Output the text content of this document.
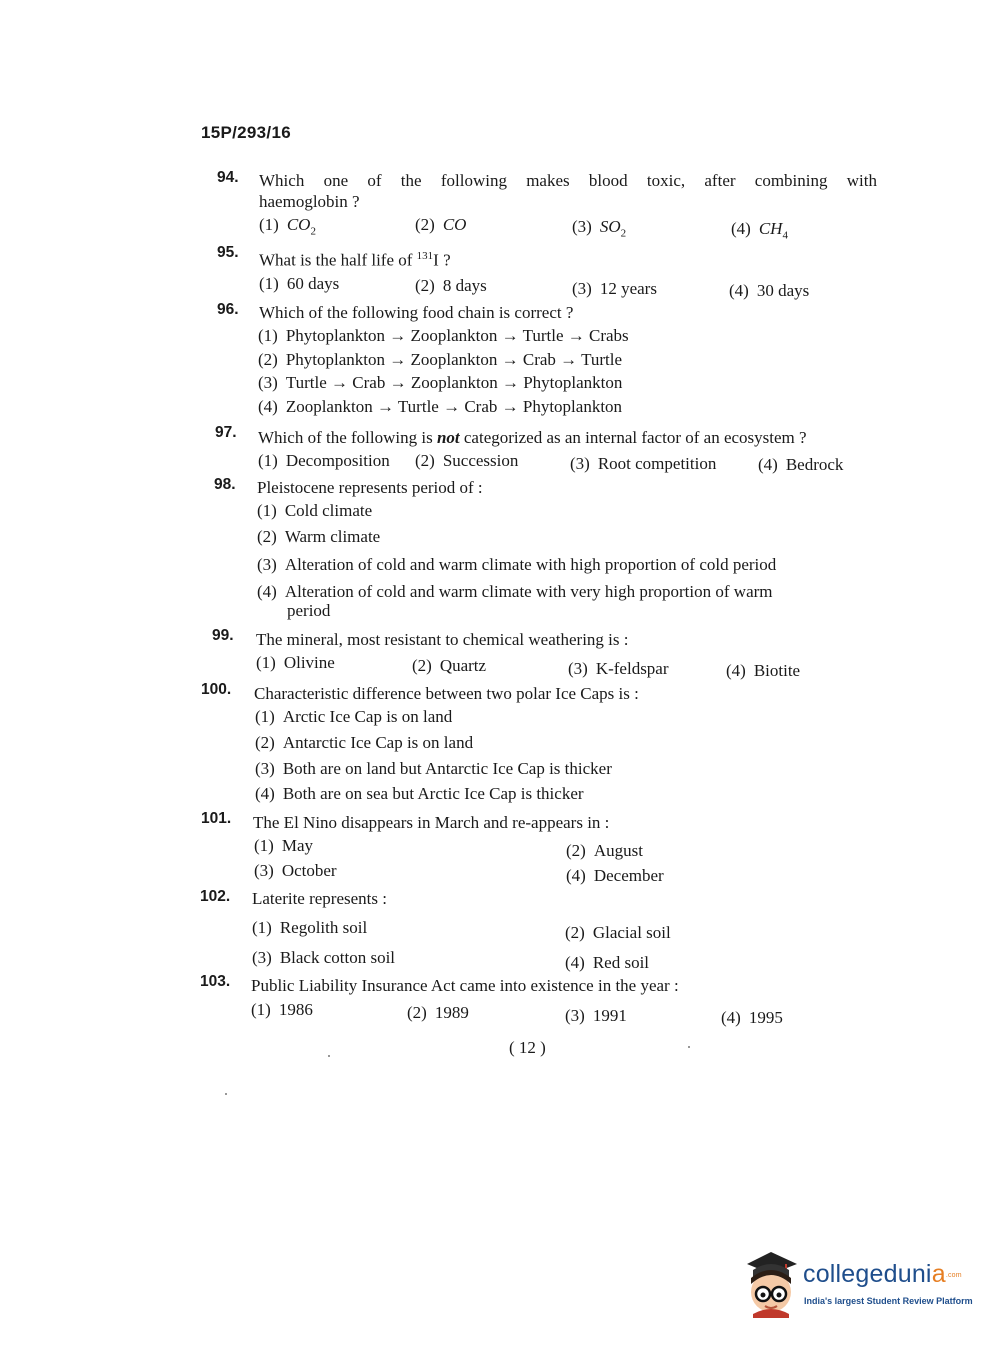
15P/293/16
94. Which one of the following makes blood toxic, after combining with
haemoglobin ?
(1) $CO_2$	(2) CO	(3) $SO_2$	(4) $CH_4$
95. What is the half life of $^{131}$I ?
(1) 60 days	(2) 8 days	(3) 12 years	(4) 30 days
96. Which of the following food chain is correct ?
(1) Phytoplankton → Zooplankton → Turtle → Crabs
(2) Phytoplankton → Zooplankton → Crab → Turtle
(3) Turtle → Crab → Zooplankton → Phytoplankton
(4) Zooplankton → Turtle → Crab → Phytoplankton
97. Which of the following is not categorized as an internal factor of an ecosystem ?
(1) Decomposition (2) Succession	(3) Root competition (4) Bedrock
98. Pleistocene represents period of :
(1) Cold climate
(2) Warm climate
(3) Alteration of cold and warm climate with high proportion of cold period
(4) Alteration of cold and warm climate with very high proportion of warm
period
99. The mineral, most resistant to chemical weathering is :
(1) Olivine	(2) Quartz	(3) K-feldspar	(4) Biotite
100. Characteristic difference between two polar Ice Caps is :
(1) Arctic Ice Cap is on land
(2) Antarctic Ice Cap is on land
(3) Both are on land but Antarctic Ice Cap is thicker
(4) Both are on sea but Arctic Ice Cap is thicker
101. The El Nino disappears in March and re-appears in :
(1) May	(2) August
(3) October	(4) December
102. Laterite represents :
(1) Regolith soil	(2) Glacial soil
(3) Black cotton soil	(4) Red soil
103. Public Liability Insurance Act came into existence in the year :
(1) 1986	(2) 1989	(3) 1991	(4) 1995
( 12 )
collegedunia.com
India's largest Student Review Platform
